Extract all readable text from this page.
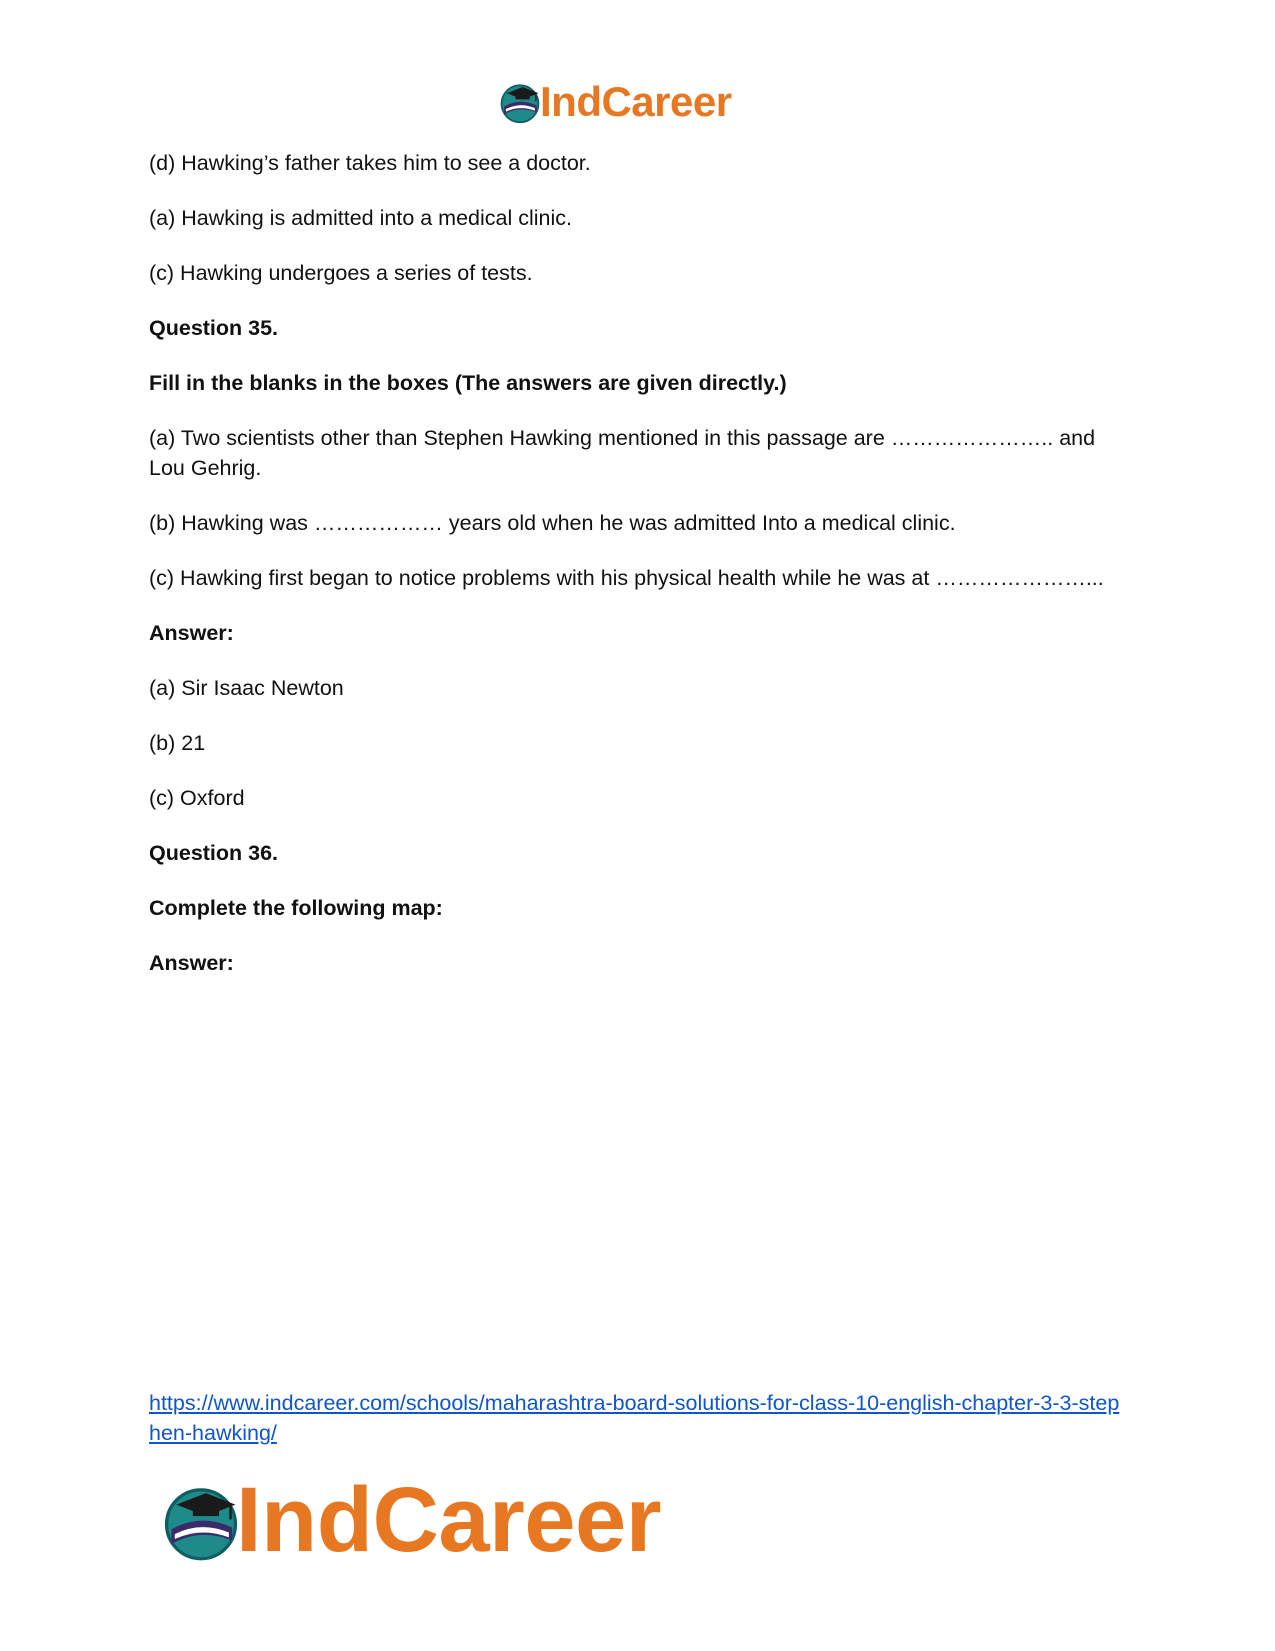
IndCareer

(d) Hawking’s father takes him to see a doctor.

(a) Hawking is admitted into a medical clinic.

(c) Hawking undergoes a series of tests.

Question 35.

Fill in the blanks in the boxes (The answers are given directly.)

(a) Two scientists other than Stephen Hawking mentioned in this passage are ………………….. and Lou Gehrig.

(b) Hawking was ……………… years old when he was admitted Into a medical clinic.

(c) Hawking first began to notice problems with his physical health while he was at …………………...

Answer:

(a) Sir Isaac Newton

(b) 21

(c) Oxford

Question 36.

Complete the following map:

Answer:

https://www.indcareer.com/schools/maharashtra-board-solutions-for-class-10-english-chapter-3-3-stephen-hawking/
IndCareer
